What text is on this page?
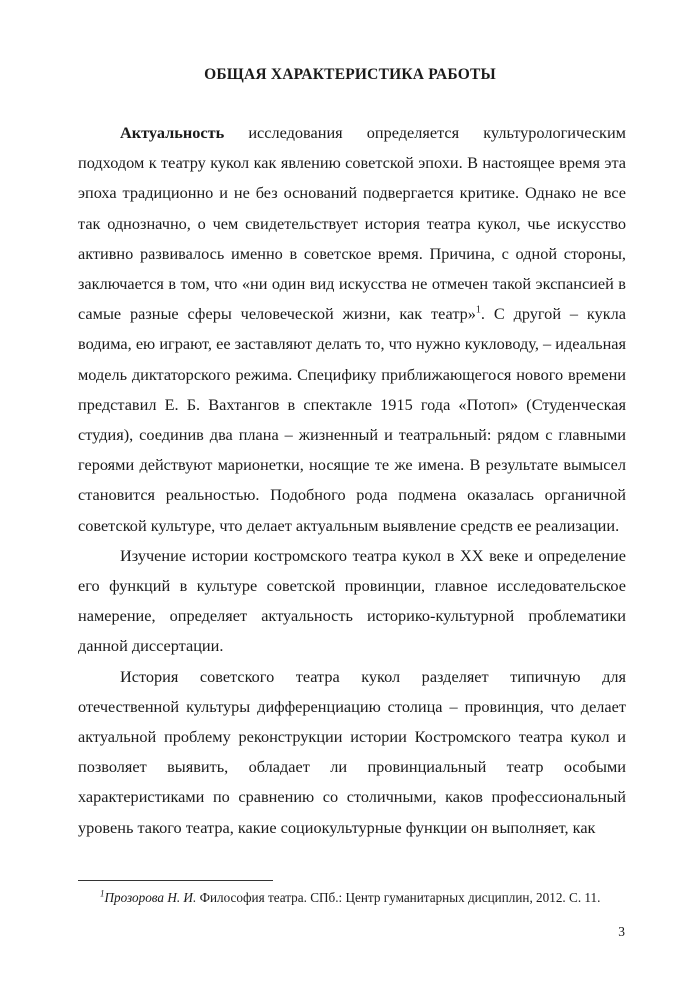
ОБЩАЯ ХАРАКТЕРИСТИКА РАБОТЫ

Актуальность исследования определяется культурологическим подходом к театру кукол как явлению советской эпохи. В настоящее время эта эпоха традиционно и не без оснований подвергается критике. Однако не все так однозначно, о чем свидетельствует история театра кукол, чье искусство активно развивалось именно в советское время. Причина, с одной стороны, заключается в том, что «ни один вид искусства не отмечен такой экспансией в самые разные сферы человеческой жизни, как театр»$^1$. С другой – кукла водима, ею играют, ее заставляют делать то, что нужно кукловоду, – идеальная модель диктаторского режима. Специфику приближающегося нового времени представил Е. Б. Вахтангов в спектакле 1915 года «Потоп» (Студенческая студия), соединив два плана – жизненный и театральный: рядом с главными героями действуют марионетки, носящие те же имена. В результате вымысел становится реальностью. Подобного рода подмена оказалась органичной советской культуре, что делает актуальным выявление средств ее реализации.

Изучение истории костромского театра кукол в XX веке и определение его функций в культуре советской провинции, главное исследовательское намерение, определяет актуальность историко-культурной проблематики данной диссертации.

История советского театра кукол разделяет типичную для отечественной культуры дифференциацию столица – провинция, что делает актуальной проблему реконструкции истории Костромского театра кукол и позволяет выявить, обладает ли провинциальный театр особыми характеристиками по сравнению со столичными, каков профессиональный уровень такого театра, какие социокультурные функции он выполняет, как

$^1$Прозорова Н. И. Философия театра. СПб.: Центр гуманитарных дисциплин, 2012. С. 11.
3
